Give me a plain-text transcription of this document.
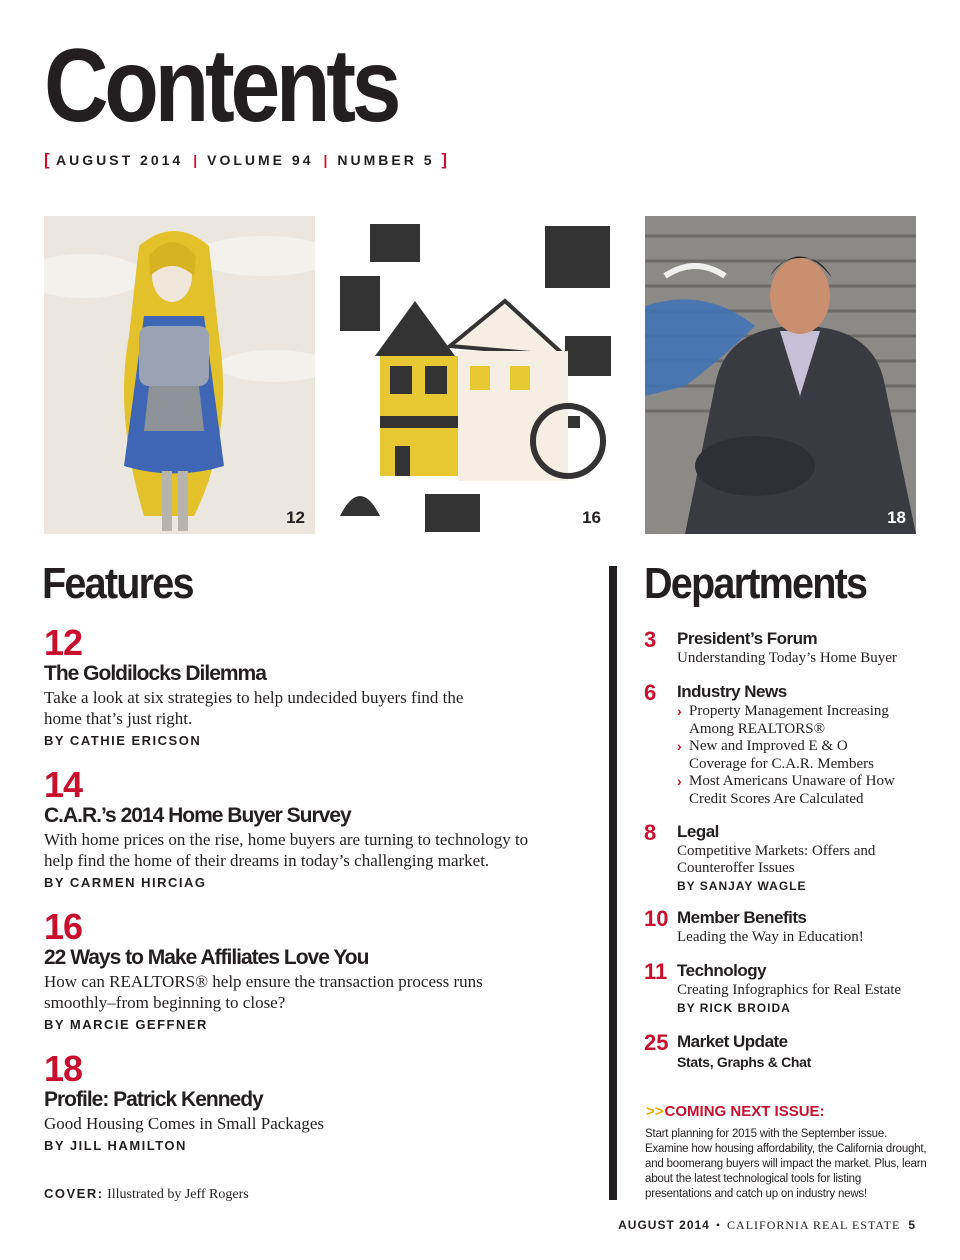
Contents
[ AUGUST 2014 | VOLUME 94 | NUMBER 5 ]
12	16	18
Features
12
The Goldilocks Dilemma
Take a look at six strategies to help undecided buyers find the home that’s just right.
BY CATHIE ERICSON
14
C.A.R.’s 2014 Home Buyer Survey
With home prices on the rise, home buyers are turning to technology to help find the home of their dreams in today’s challenging market.
BY CARMEN HIRCIAG
16
22 Ways to Make Affiliates Love You
How can REALTORS® help ensure the transaction process runs smoothly–from beginning to close?
BY MARCIE GEFFNER
18
Profile: Patrick Kennedy
Good Housing Comes in Small Packages
BY JILL HAMILTON
COVER: Illustrated by Jeff Rogers
Departments
3 President’s Forum
Understanding Today’s Home Buyer
6 Industry News
› Property Management Increasing Among REALTORS®
› New and Improved E & O Coverage for C.A.R. Members
› Most Americans Unaware of How Credit Scores Are Calculated
8 Legal
Competitive Markets: Offers and Counteroffer Issues
BY SANJAY WAGLE
10 Member Benefits
Leading the Way in Education!
11 Technology
Creating Infographics for Real Estate
BY RICK BROIDA
25 Market Update
Stats, Graphs & Chat
>>COMING NEXT ISSUE:
Start planning for 2015 with the September issue. Examine how housing affordability, the California drought, and boomerang buyers will impact the market. Plus, learn about the latest technological tools for listing presentations and catch up on industry news!
AUGUST 2014 • CALIFORNIA REAL ESTATE 5
